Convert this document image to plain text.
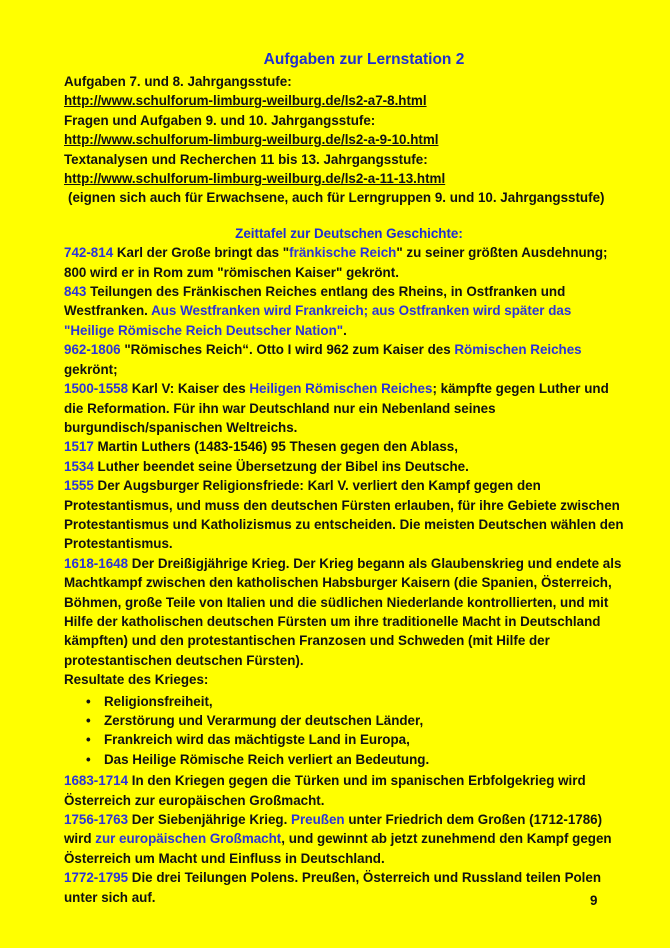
Aufgaben zur Lernstation 2
Aufgaben 7. und 8. Jahrgangsstufe:
http://www.schulforum-limburg-weilburg.de/ls2-a7-8.html
Fragen und Aufgaben 9. und 10. Jahrgangsstufe:
http://www.schulforum-limburg-weilburg.de/ls2-a-9-10.html
Textanalysen und Recherchen 11 bis 13. Jahrgangsstufe:
http://www.schulforum-limburg-weilburg.de/ls2-a-11-13.html
(eignen sich auch für Erwachsene, auch für Lerngruppen 9. und 10. Jahrgangsstufe)
Zeittafel zur Deutschen Geschichte:
742-814 Karl der Große bringt das "fränkische Reich" zu seiner größten Ausdehnung; 800 wird er in Rom zum "römischen Kaiser" gekrönt.
843 Teilungen des Fränkischen Reiches entlang des Rheins, in Ostfranken und Westfranken. Aus Westfranken wird Frankreich; aus Ostfranken wird später das "Heilige Römische Reich Deutscher Nation".
962-1806 "Römisches Reich“. Otto I wird 962 zum Kaiser des Römischen Reiches gekrönt;
1500-1558 Karl V: Kaiser des Heiligen Römischen Reiches; kämpfte gegen Luther und die Reformation. Für ihn war Deutschland nur ein Nebenland seines burgundisch/spanischen Weltreichs.
1517 Martin Luthers (1483-1546) 95 Thesen gegen den Ablass,
1534 Luther beendet seine Übersetzung der Bibel ins Deutsche.
1555 Der Augsburger Religionsfriede: Karl V. verliert den Kampf gegen den Protestantismus, und muss den deutschen Fürsten erlauben, für ihre Gebiete zwischen Protestantismus und Katholizismus zu entscheiden. Die meisten Deutschen wählen den Protestantismus.
1618-1648 Der Dreißigjährige Krieg. Der Krieg begann als Glaubenskrieg und endete als Machtkampf zwischen den katholischen Habsburger Kaisern (die Spanien, Österreich, Böhmen, große Teile von Italien und die südlichen Niederlande kontrollierten, und mit Hilfe der katholischen deutschen Fürsten um ihre traditionelle Macht in Deutschland kämpften) und den protestantischen Franzosen und Schweden (mit Hilfe der protestantischen deutschen Fürsten).
Resultate des Krieges:
• Religionsfreiheit,
• Zerstörung und Verarmung der deutschen Länder,
• Frankreich wird das mächtigste Land in Europa,
• Das Heilige Römische Reich verliert an Bedeutung.
1683-1714 In den Kriegen gegen die Türken und im spanischen Erbfolgekrieg wird Österreich zur europäischen Großmacht.
1756-1763 Der Siebenjährige Krieg. Preußen unter Friedrich dem Großen (1712-1786) wird zur europäischen Großmacht, und gewinnt ab jetzt zunehmend den Kampf gegen Österreich um Macht und Einfluss in Deutschland.
1772-1795 Die drei Teilungen Polens. Preußen, Österreich und Russland teilen Polen unter sich auf.	9
